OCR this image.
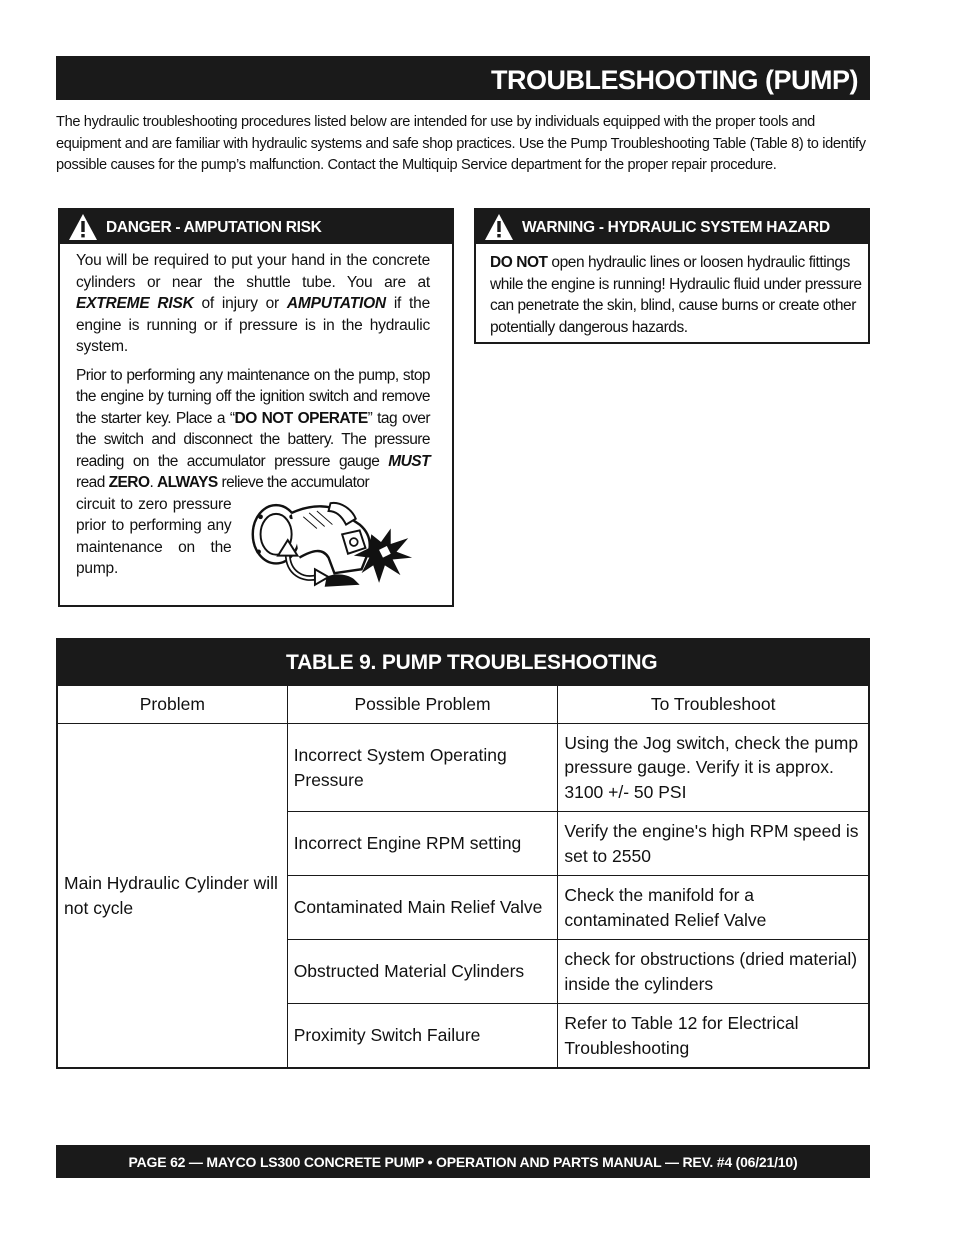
TROUBLESHOOTING (PUMP)

The hydraulic troubleshooting procedures listed below are intended for use by individuals equipped with the proper tools and equipment and are familiar with hydraulic systems and safe shop practices. Use the Pump Troubleshooting Table (Table 8) to identify possible causes for the pump’s malfunction. Contact the Multiquip Service department for the proper repair procedure.

DANGER - AMPUTATION RISK

You will be required to put your hand in the concrete cylinders or near the shuttle tube. You are at EXTREME RISK of injury or AMPUTATION if the engine is running or if pressure is in the hydraulic system.

Prior to performing any maintenance on the pump, stop the engine by turning off the ignition switch and remove the starter key. Place a “DO NOT OPERATE” tag over the switch and disconnect the battery. The pressure reading on the accumulator pressure gauge MUST read ZERO. ALWAYS relieve the accumulator

circuit to zero pressure prior to performing any maintenance on the pump.

WARNING - HYDRAULIC SYSTEM HAZARD

DO NOT open hydraulic lines or loosen hydraulic fittings while the engine is running! Hydraulic fluid under pressure can penetrate the skin, blind, cause burns or create other potentially dangerous hazards.

TABLE 9. PUMP TROUBLESHOOTING
Problem	Possible Problem	To Troubleshoot
Main Hydraulic Cylinder will not cycle	Incorrect System Operating Pressure	Using the Jog switch, check the pump pressure gauge. Verify it is approx. 3100 +/- 50 PSI
	Incorrect Engine RPM setting	Verify the engine's high RPM speed is set to 2550
	Contaminated Main Relief Valve	Check the manifold for a contaminated Relief Valve
	Obstructed Material Cylinders	check for obstructions (dried material) inside the cylinders
	Proximity Switch Failure	Refer to Table 12 for Electrical Troubleshooting
PAGE 62 — MAYCO LS300 CONCRETE PUMP • OPERATION AND PARTS MANUAL — REV. #4 (06/21/10)
